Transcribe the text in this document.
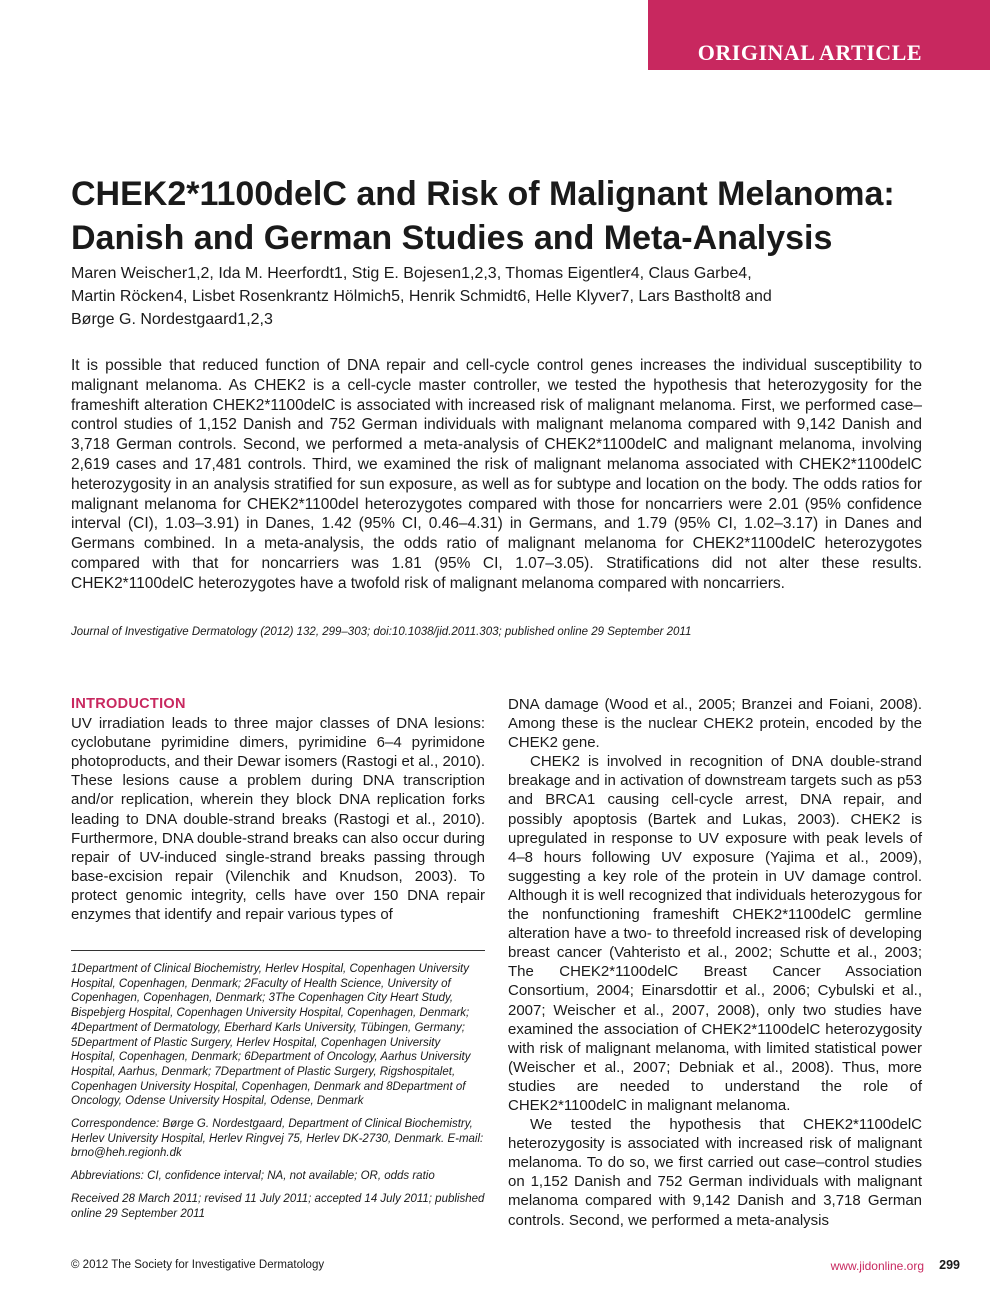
ORIGINAL ARTICLE
CHEK2*1100delC and Risk of Malignant Melanoma:
Danish and German Studies and Meta-Analysis

Maren Weischer1,2, Ida M. Heerfordt1, Stig E. Bojesen1,2,3, Thomas Eigentler4, Claus Garbe4,
Martin Röcken4, Lisbet Rosenkrantz Hölmich5, Henrik Schmidt6, Helle Klyver7, Lars Bastholt8 and
Børge G. Nordestgaard1,2,3

It is possible that reduced function of DNA repair and cell-cycle control genes increases the individual susceptibility to malignant melanoma. As CHEK2 is a cell-cycle master controller, we tested the hypothesis that heterozygosity for the frameshift alteration CHEK2*1100delC is associated with increased risk of malignant melanoma. First, we performed case–control studies of 1,152 Danish and 752 German individuals with malignant melanoma compared with 9,142 Danish and 3,718 German controls. Second, we performed a meta-analysis of CHEK2*1100delC and malignant melanoma, involving 2,619 cases and 17,481 controls. Third, we examined the risk of malignant melanoma associated with CHEK2*1100delC heterozygosity in an analysis stratified for sun exposure, as well as for subtype and location on the body. The odds ratios for malignant melanoma for CHEK2*1100del heterozygotes compared with those for noncarriers were 2.01 (95% confidence interval (CI), 1.03–3.91) in Danes, 1.42 (95% CI, 0.46–4.31) in Germans, and 1.79 (95% CI, 1.02–3.17) in Danes and Germans combined. In a meta-analysis, the odds ratio of malignant melanoma for CHEK2*1100delC heterozygotes compared with that for noncarriers was 1.81 (95% CI, 1.07–3.05). Stratifications did not alter these results. CHEK2*1100delC heterozygotes have a twofold risk of malignant melanoma compared with noncarriers.

Journal of Investigative Dermatology (2012) 132, 299–303; doi:10.1038/jid.2011.303; published online 29 September 2011

INTRODUCTION

UV irradiation leads to three major classes of DNA lesions: cyclobutane pyrimidine dimers, pyrimidine 6–4 pyrimidone photoproducts, and their Dewar isomers (Rastogi et al., 2010). These lesions cause a problem during DNA transcription and/or replication, wherein they block DNA replication forks leading to DNA double-strand breaks (Rastogi et al., 2010). Furthermore, DNA double-strand breaks can also occur during repair of UV-induced single-strand breaks passing through base-excision repair (Vilenchik and Knudson, 2003). To protect genomic integrity, cells have over 150 DNA repair enzymes that identify and repair various types of

1Department of Clinical Biochemistry, Herlev Hospital, Copenhagen University Hospital, Copenhagen, Denmark; 2Faculty of Health Science, University of Copenhagen, Copenhagen, Denmark; 3The Copenhagen City Heart Study, Bispebjerg Hospital, Copenhagen University Hospital, Copenhagen, Denmark; 4Department of Dermatology, Eberhard Karls University, Tübingen, Germany; 5Department of Plastic Surgery, Herlev Hospital, Copenhagen University Hospital, Copenhagen, Denmark; 6Department of Oncology, Aarhus University Hospital, Aarhus, Denmark; 7Department of Plastic Surgery, Rigshospitalet, Copenhagen University Hospital, Copenhagen, Denmark and 8Department of Oncology, Odense University Hospital, Odense, Denmark

Correspondence: Børge G. Nordestgaard, Department of Clinical Biochemistry, Herlev University Hospital, Herlev Ringvej 75, Herlev DK-2730, Denmark. E-mail: brno@heh.regionh.dk

Abbreviations: CI, confidence interval; NA, not available; OR, odds ratio

Received 28 March 2011; revised 11 July 2011; accepted 14 July 2011; published online 29 September 2011

DNA damage (Wood et al., 2005; Branzei and Foiani, 2008). Among these is the nuclear CHEK2 protein, encoded by the CHEK2 gene.

CHEK2 is involved in recognition of DNA double-strand breakage and in activation of downstream targets such as p53 and BRCA1 causing cell-cycle arrest, DNA repair, and possibly apoptosis (Bartek and Lukas, 2003). CHEK2 is upregulated in response to UV exposure with peak levels of 4–8 hours following UV exposure (Yajima et al., 2009), suggesting a key role of the protein in UV damage control. Although it is well recognized that individuals heterozygous for the nonfunctioning frameshift CHEK2*1100delC germline alteration have a two- to threefold increased risk of developing breast cancer (Vahteristo et al., 2002; Schutte et al., 2003; The CHEK2*1100delC Breast Cancer Association Consortium, 2004; Einarsdottir et al., 2006; Cybulski et al., 2007; Weischer et al., 2007, 2008), only two studies have examined the association of CHEK2*1100delC heterozygosity with risk of malignant melanoma, with limited statistical power (Weischer et al., 2007; Debniak et al., 2008). Thus, more studies are needed to understand the role of CHEK2*1100delC in malignant melanoma.

We tested the hypothesis that CHEK2*1100delC heterozygosity is associated with increased risk of malignant melanoma. To do so, we first carried out case–control studies on 1,152 Danish and 752 German individuals with malignant melanoma compared with 9,142 Danish and 3,718 German controls. Second, we performed a meta-analysis

© 2012 The Society for Investigative Dermatology	www.jidonline.org 299
